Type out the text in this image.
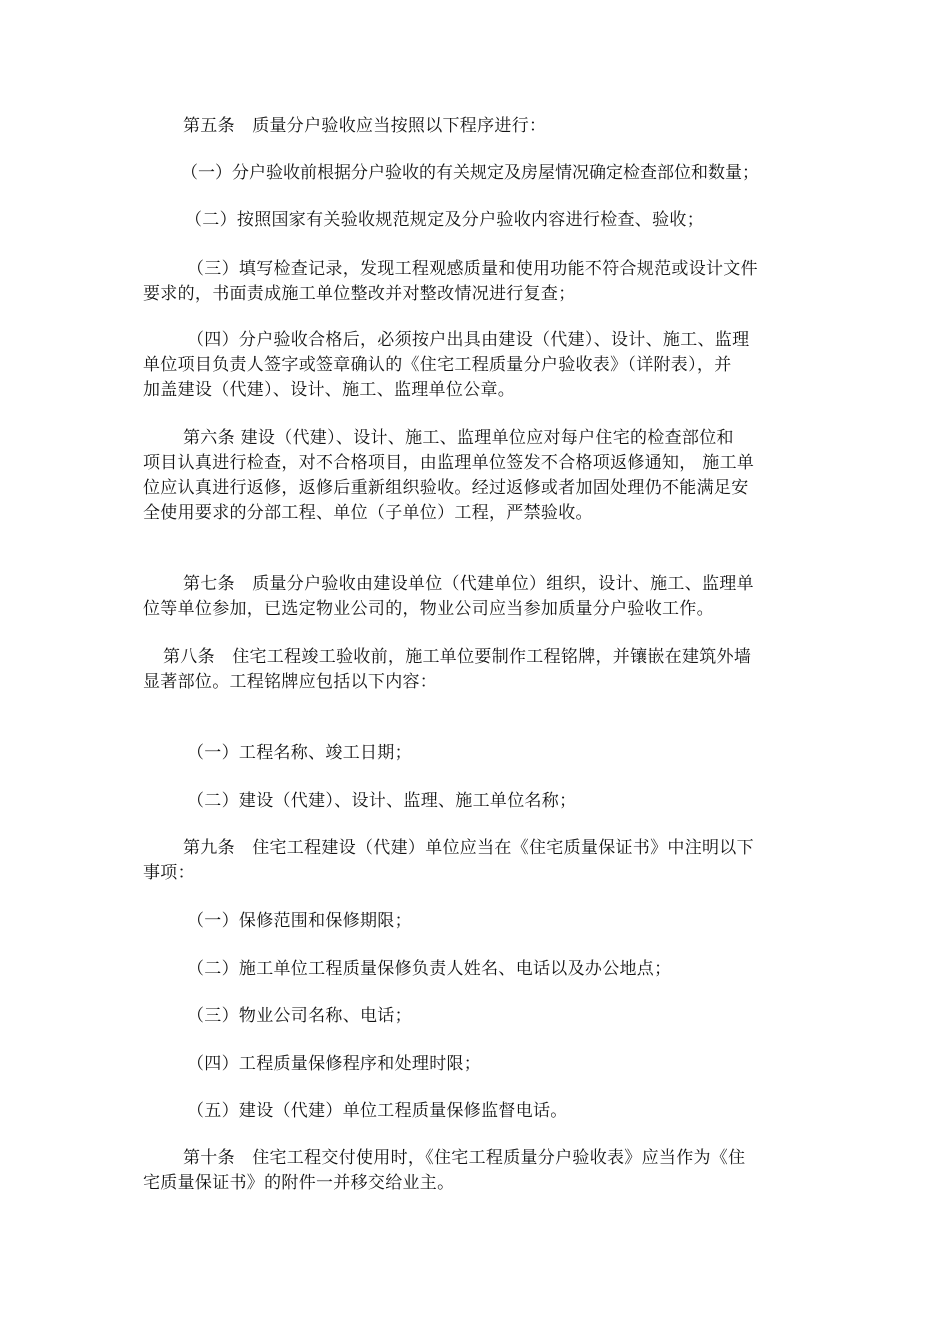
第五条　质量分户验收应当按照以下程序进行：

（一）分户验收前根据分户验收的有关规定及房屋情况确定检查部位和数量；

（二）按照国家有关验收规范规定及分户验收内容进行检查、验收；

（三）填写检查记录，发现工程观感质量和使用功能不符合规范或设计文件
要求的，书面责成施工单位整改并对整改情况进行复查；

（四）分户验收合格后，必须按户出具由建设（代建）、设计、施工、监理
单位项目负责人签字或签章确认的《住宅工程质量分户验收表》（详附表），并
加盖建设（代建）、设计、施工、监理单位公章。

第六条 建设（代建）、设计、施工、监理单位应对每户住宅的检查部位和
项目认真进行检查，对不合格项目，由监理单位签发不合格项返修通知， 施工单
位应认真进行返修，返修后重新组织验收。经过返修或者加固处理仍不能满足安
全使用要求的分部工程、单位（子单位）工程，严禁验收。

第七条　质量分户验收由建设单位（代建单位）组织，设计、施工、监理单
位等单位参加，已选定物业公司的，物业公司应当参加质量分户验收工作。

第八条　住宅工程竣工验收前，施工单位要制作工程铭牌，并镶嵌在建筑外墙
显著部位。工程铭牌应包括以下内容：

（一）工程名称、竣工日期；

（二）建设（代建）、设计、监理、施工单位名称；

第九条　住宅工程建设（代建）单位应当在《住宅质量保证书》中注明以下
事项：

（一）保修范围和保修期限；

（二）施工单位工程质量保修负责人姓名、电话以及办公地点；

（三）物业公司名称、电话；

（四）工程质量保修程序和处理时限；

（五）建设（代建）单位工程质量保修监督电话。

第十条　住宅工程交付使用时，《住宅工程质量分户验收表》应当作为《住
宅质量保证书》的附件一并移交给业主。
